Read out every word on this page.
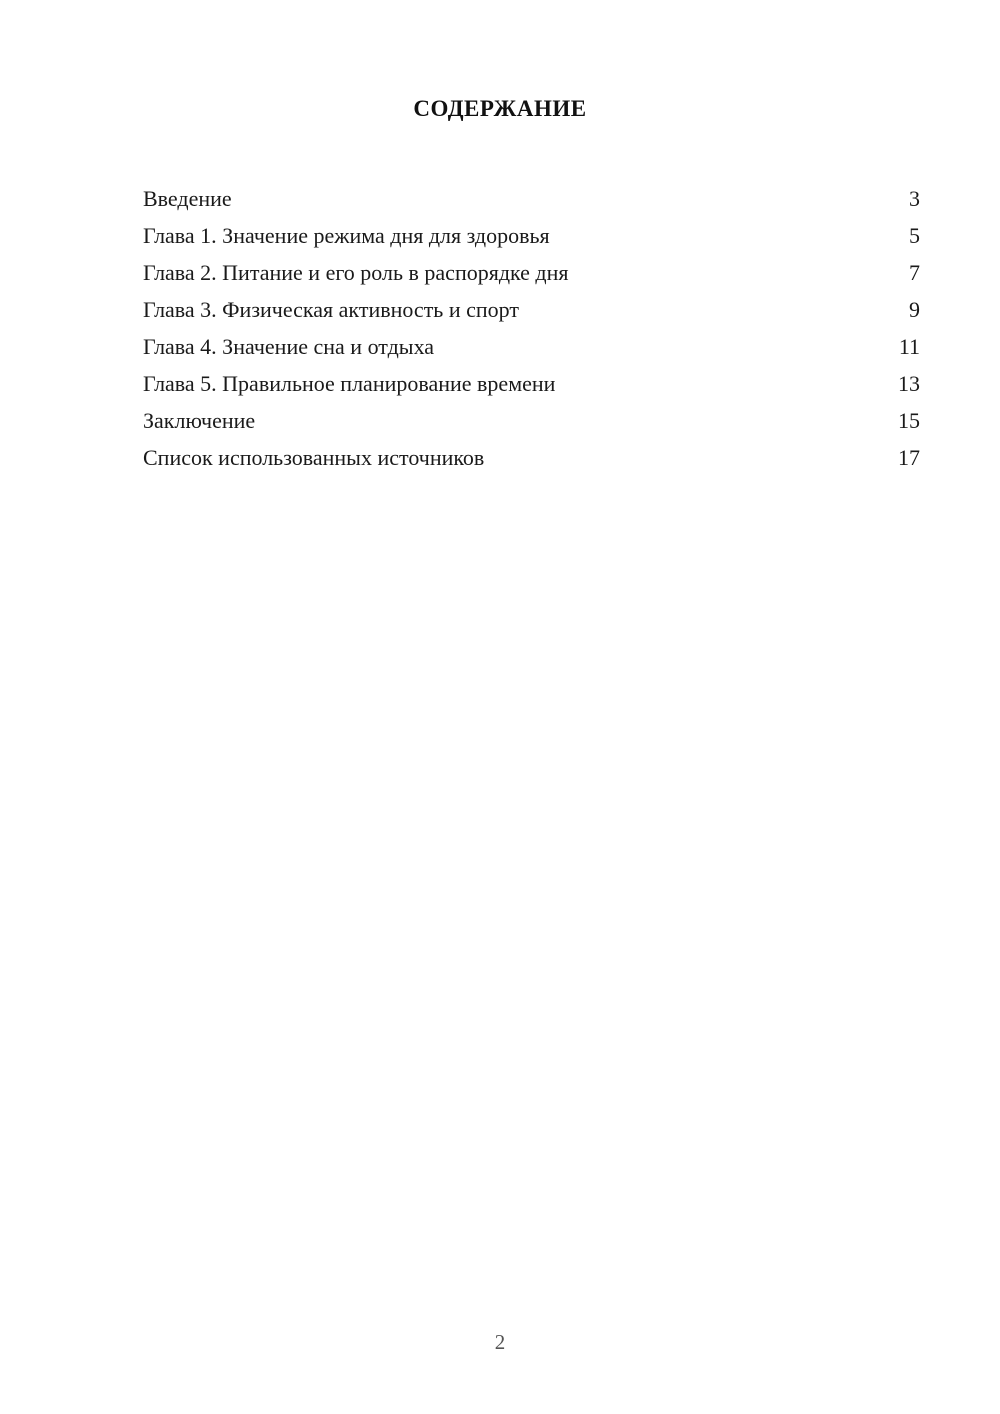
СОДЕРЖАНИЕ
Введение	3
Глава 1. Значение режима дня для здоровья	5
Глава 2. Питание и его роль в распорядке дня	7
Глава 3. Физическая активность и спорт	9
Глава 4. Значение сна и отдыха	11
Глава 5. Правильное планирование времени	13
Заключение	15
Список использованных источников	17
2
